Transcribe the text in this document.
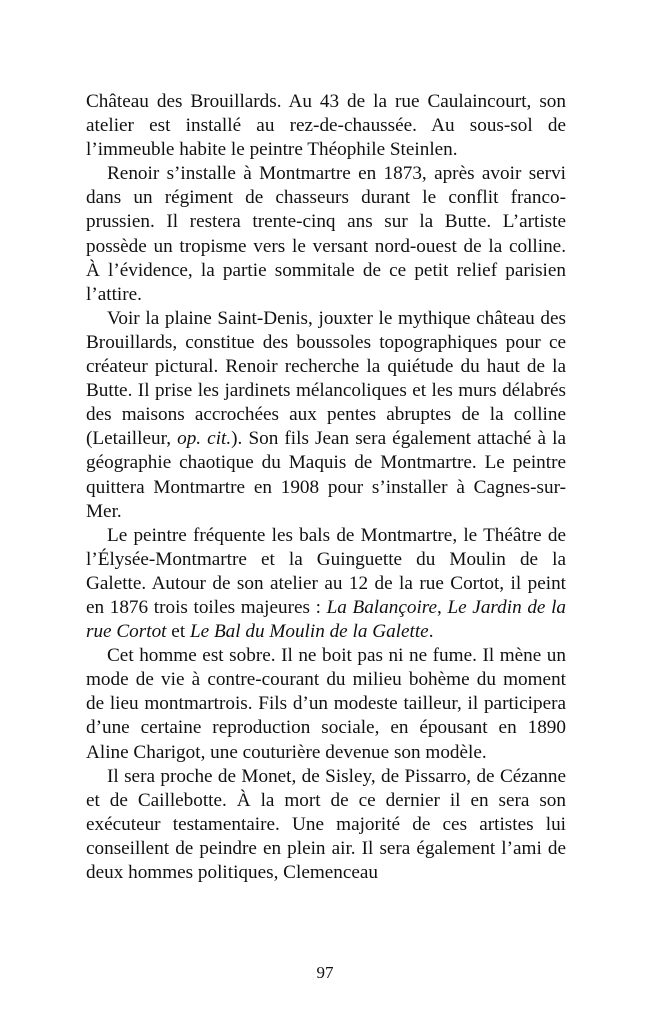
Château des Brouillards. Au 43 de la rue Caulaincourt, son atelier est installé au rez-de-chaussée. Au sous-sol de l’immeuble habite le peintre Théophile Steinlen.

Renoir s’installe à Montmartre en 1873, après avoir servi dans un régiment de chasseurs durant le conflit franco-prussien. Il restera trente-cinq ans sur la Butte. L’artiste possède un tropisme vers le versant nord-ouest de la colline. À l’évidence, la partie sommitale de ce petit relief parisien l’attire.

Voir la plaine Saint-Denis, jouxter le mythique château des Brouillards, constitue des boussoles topographiques pour ce créateur pictural. Renoir recherche la quiétude du haut de la Butte. Il prise les jardinets mélancoliques et les murs délabrés des maisons accrochées aux pentes abruptes de la colline (Letailleur, op. cit.). Son fils Jean sera également attaché à la géographie chaotique du Maquis de Montmartre. Le peintre quittera Montmartre en 1908 pour s’installer à Cagnes-sur-Mer.

Le peintre fréquente les bals de Montmartre, le Théâtre de l’Élysée-Montmartre et la Guinguette du Moulin de la Galette. Autour de son atelier au 12 de la rue Cortot, il peint en 1876 trois toiles majeures : La Balançoire, Le Jardin de la rue Cortot et Le Bal du Moulin de la Galette.

Cet homme est sobre. Il ne boit pas ni ne fume. Il mène un mode de vie à contre-courant du milieu bohème du moment de lieu montmartrois. Fils d’un modeste tailleur, il participera d’une certaine reproduction sociale, en épousant en 1890 Aline Charigot, une couturière devenue son modèle.

Il sera proche de Monet, de Sisley, de Pissarro, de Cézanne et de Caillebotte. À la mort de ce dernier il en sera son exécuteur testamentaire. Une majorité de ces artistes lui conseillent de peindre en plein air. Il sera également l’ami de deux hommes politiques, Clemenceau

97
